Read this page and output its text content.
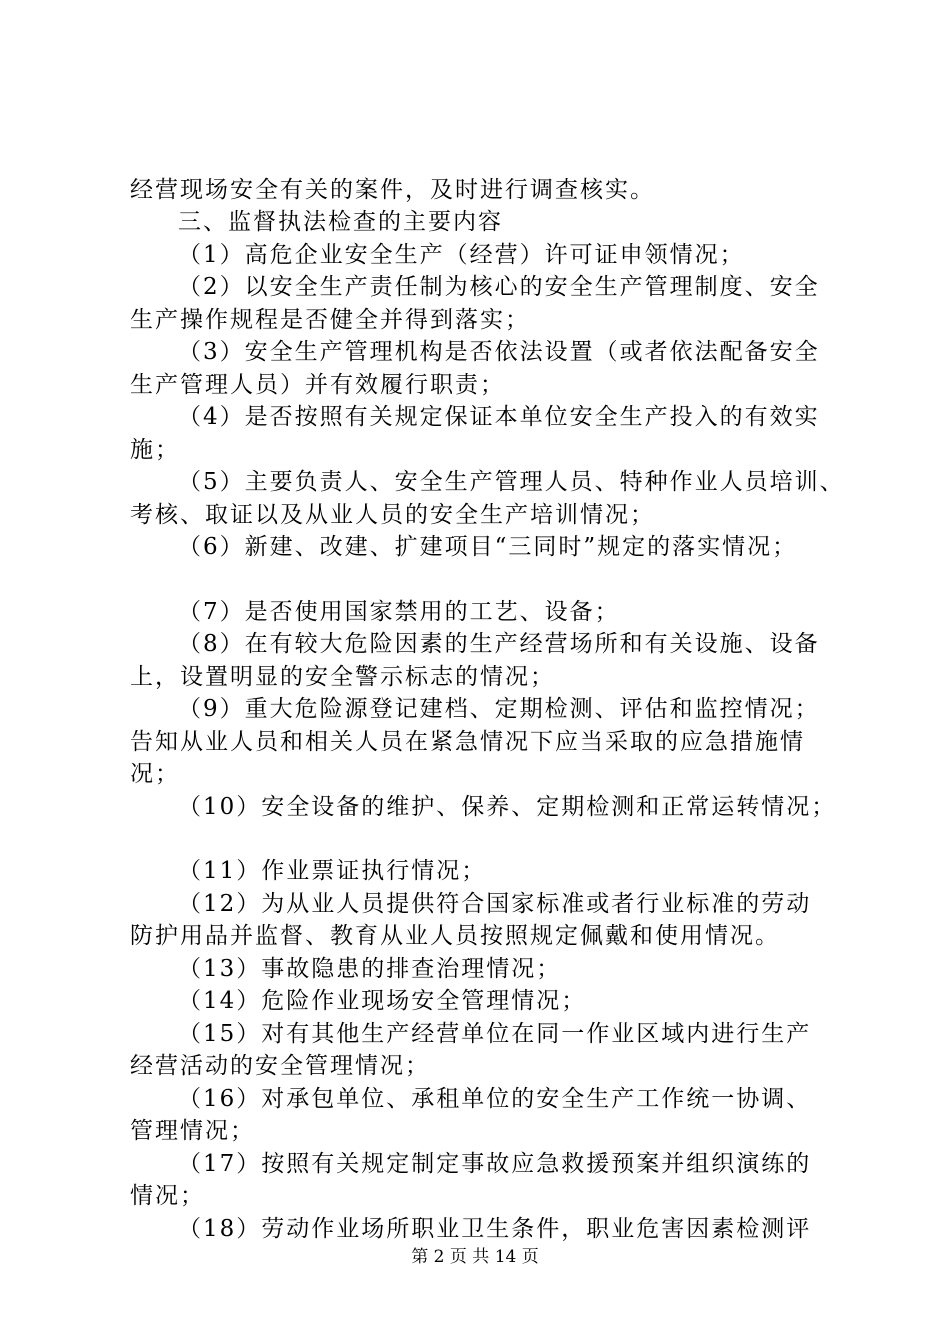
经营现场安全有关的案件，及时进行调查核实。
三、监督执法检查的主要内容
（1）高危企业安全生产（经营）许可证申领情况；
（2）以安全生产责任制为核心的安全生产管理制度、安全
生产操作规程是否健全并得到落实；
（3）安全生产管理机构是否依法设置（或者依法配备安全
生产管理人员）并有效履行职责；
（4）是否按照有关规定保证本单位安全生产投入的有效实
施；
（5）主要负责人、安全生产管理人员、特种作业人员培训、
考核、取证以及从业人员的安全生产培训情况；
（6）新建、改建、扩建项目“三同时”规定的落实情况；
（7）是否使用国家禁用的工艺、设备；
（8）在有较大危险因素的生产经营场所和有关设施、设备
上，设置明显的安全警示标志的情况；
（9）重大危险源登记建档、定期检测、评估和监控情况；
告知从业人员和相关人员在紧急情况下应当采取的应急措施情
况；
（10）安全设备的维护、保养、定期检测和正常运转情况；
（11）作业票证执行情况；
（12）为从业人员提供符合国家标准或者行业标准的劳动
防护用品并监督、教育从业人员按照规定佩戴和使用情况。
（13）事故隐患的排查治理情况；
（14）危险作业现场安全管理情况；
（15）对有其他生产经营单位在同一作业区域内进行生产
经营活动的安全管理情况；
（16）对承包单位、承租单位的安全生产工作统一协调、
管理情况；
（17）按照有关规定制定事故应急救援预案并组织演练的
情况；
（18）劳动作业场所职业卫生条件，职业危害因素检测评
第 2 页 共 14 页
